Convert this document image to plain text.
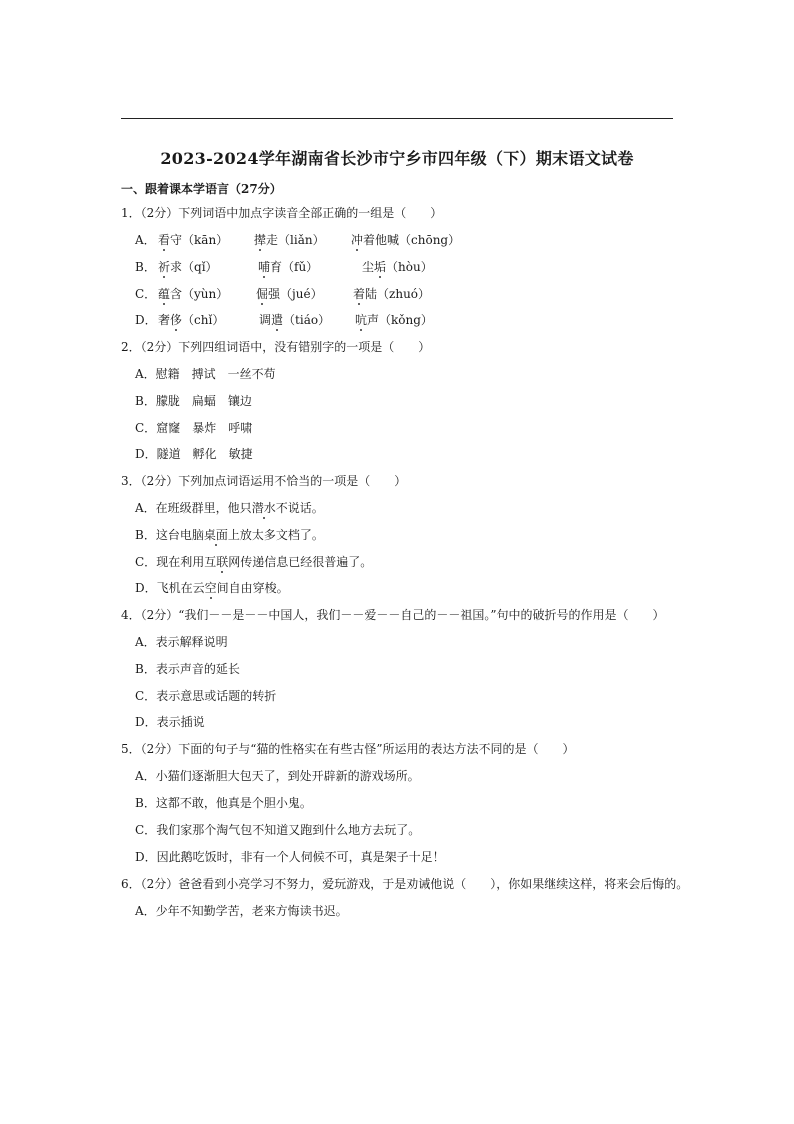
2023-2024学年湖南省长沙市宁乡市四年级（下）期末语文试卷
一、跟着课本学语言（27分）
1．（2分）下列词语中加点字读音全部正确的一组是（　　）
A． 看守（kān） 撵走（liǎn） 冲着他喊（chōng）
B． 祈求（qǐ）	哺育（fǔ）	尘垢（hòu）
C． 蕴含（yùn） 倔强（jué）	着陆（zhuó）
D． 奢侈（chǐ）	调遣（tiáo） 吭声（kǒng）
2．（2分）下列四组词语中，没有错别字的一项是（　　）
A．慰籍　搏试　一丝不苟
B．朦胧　扁蝠　镶边
C．窟窿　暴炸　呼啸
D．隧道　孵化　敏捷
3．（2分）下列加点词语运用不恰当的一项是（　　）
A．在班级群里，他只潜水不说话。
B．这台电脑桌面上放太多文档了。
C．现在利用互联网传递信息已经很普遍了。
D．飞机在云空间自由穿梭。
4．（2分）“我们－－是－－中国人，我们－－爱－－自己的－－祖国。”句中的破折号的作用是（　　）
A．表示解释说明
B．表示声音的延长
C．表示意思或话题的转折
D．表示插说
5．（2分）下面的句子与“猫的性格实在有些古怪”所运用的表达方法不同的是（　　）
A．小猫们逐渐胆大包天了，到处开辟新的游戏场所。
B．这都不敢，他真是个胆小鬼。
C．我们家那个淘气包不知道又跑到什么地方去玩了。
D．因此鹅吃饭时，非有一个人伺候不可，真是架子十足！
6．（2分）爸爸看到小亮学习不努力，爱玩游戏，于是劝诫他说（　　），你如果继续这样，将来会后悔的。
A．少年不知勤学苦，老来方悔读书迟。
